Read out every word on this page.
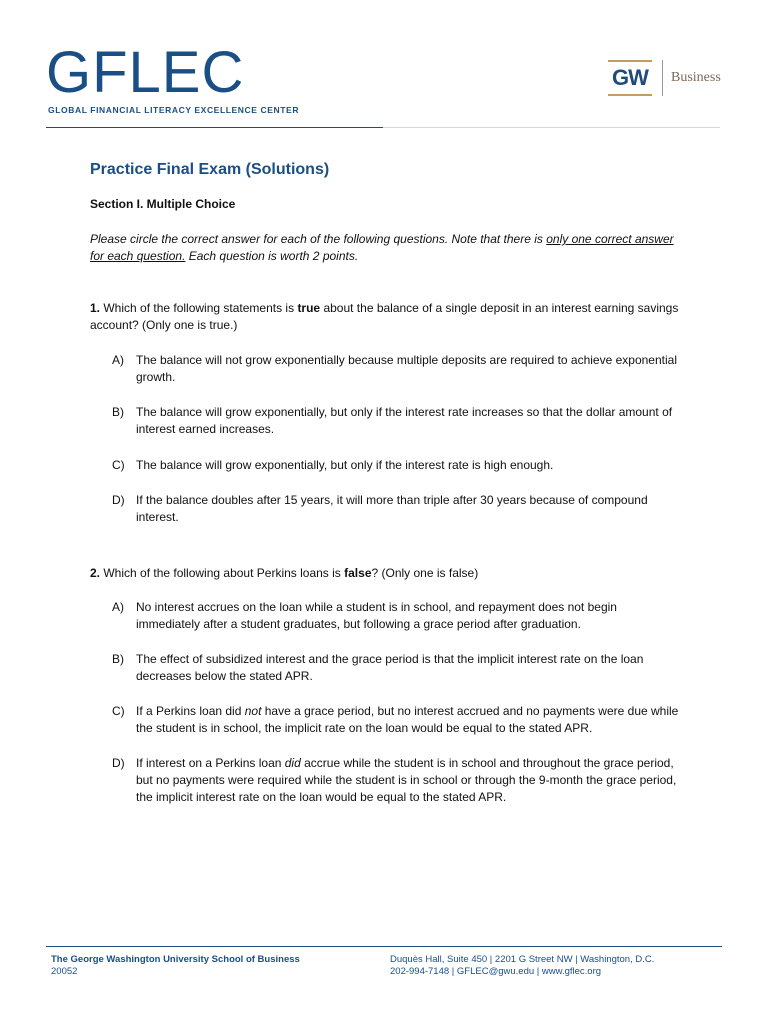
GFLEC
GLOBAL FINANCIAL LITERACY EXCELLENCE CENTER
GW Business
Practice Final Exam (Solutions)
Section I. Multiple Choice
Please circle the correct answer for each of the following questions. Note that there is only one correct answer for each question. Each question is worth 2 points.
1. Which of the following statements is true about the balance of a single deposit in an interest earning savings account? (Only one is true.)
A)	The balance will not grow exponentially because multiple deposits are required to achieve exponential growth.
B)	The balance will grow exponentially, but only if the interest rate increases so that the dollar amount of interest earned increases.
C) The balance will grow exponentially, but only if the interest rate is high enough.
D) If the balance doubles after 15 years, it will more than triple after 30 years because of compound interest.
2. Which of the following about Perkins loans is false? (Only one is false)
A)	No interest accrues on the loan while a student is in school, and repayment does not begin immediately after a student graduates, but following a grace period after graduation.
B)	The effect of subsidized interest and the grace period is that the implicit interest rate on the loan decreases below the stated APR.
C) If a Perkins loan did not have a grace period, but no interest accrued and no payments were due while the student is in school, the implicit rate on the loan would be equal to the stated APR.
D) If interest on a Perkins loan did accrue while the student is in school and throughout the grace period, but no payments were required while the student is in school or through the 9-month the grace period, the implicit interest rate on the loan would be equal to the stated APR.
The George Washington University School of Business
20052
Duquès Hall, Suite 450 | 2201 G Street NW | Washington, D.C.
202-994-7148 | GFLEC@gwu.edu | www.gflec.org
